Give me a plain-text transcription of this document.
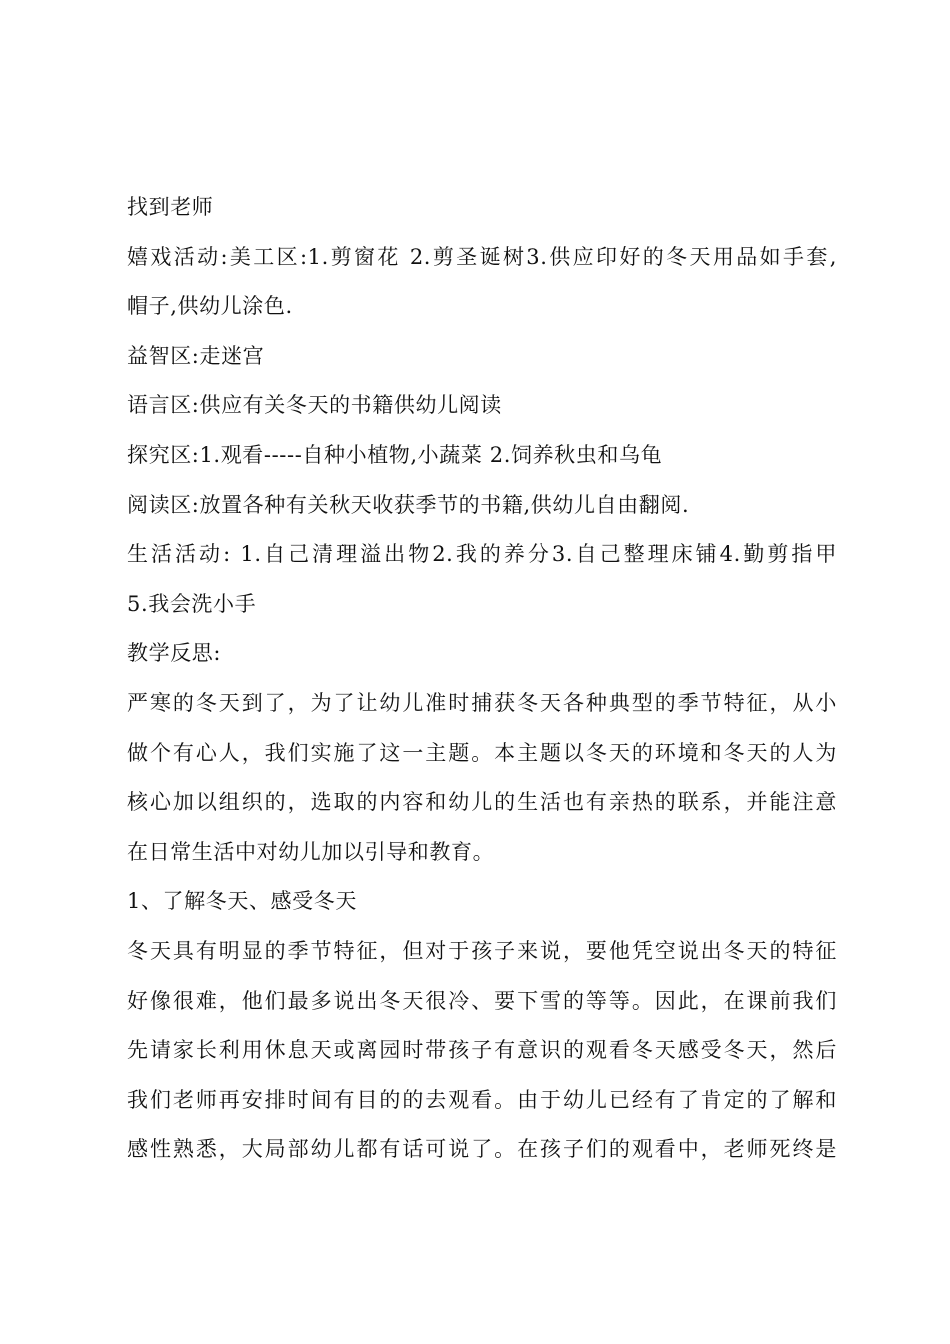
找到老师
嬉戏活动:美工区:1.剪窗花 2.剪圣诞树3.供应印好的冬天用品如手套,
帽子,供幼儿涂色.
益智区:走迷宫
语言区:供应有关冬天的书籍供幼儿阅读
探究区:1.观看-----自种小植物,小蔬菜 2.饲养秋虫和乌龟
阅读区:放置各种有关秋天收获季节的书籍,供幼儿自由翻阅.
生活活动: 1.自己清理溢出物2.我的养分3.自己整理床铺4.勤剪指甲
5.我会洗小手
教学反思:
严寒的冬天到了，为了让幼儿准时捕获冬天各种典型的季节特征，从小
做个有心人，我们实施了这一主题。本主题以冬天的环境和冬天的人为
核心加以组织的，选取的内容和幼儿的生活也有亲热的联系，并能注意
在日常生活中对幼儿加以引导和教育。
1、了解冬天、感受冬天
冬天具有明显的季节特征，但对于孩子来说，要他凭空说出冬天的特征
好像很难，他们最多说出冬天很冷、要下雪的等等。因此，在课前我们
先请家长利用休息天或离园时带孩子有意识的观看冬天感受冬天，然后
我们老师再安排时间有目的的去观看。由于幼儿已经有了肯定的了解和
感性熟悉，大局部幼儿都有话可说了。在孩子们的观看中，老师死终是
